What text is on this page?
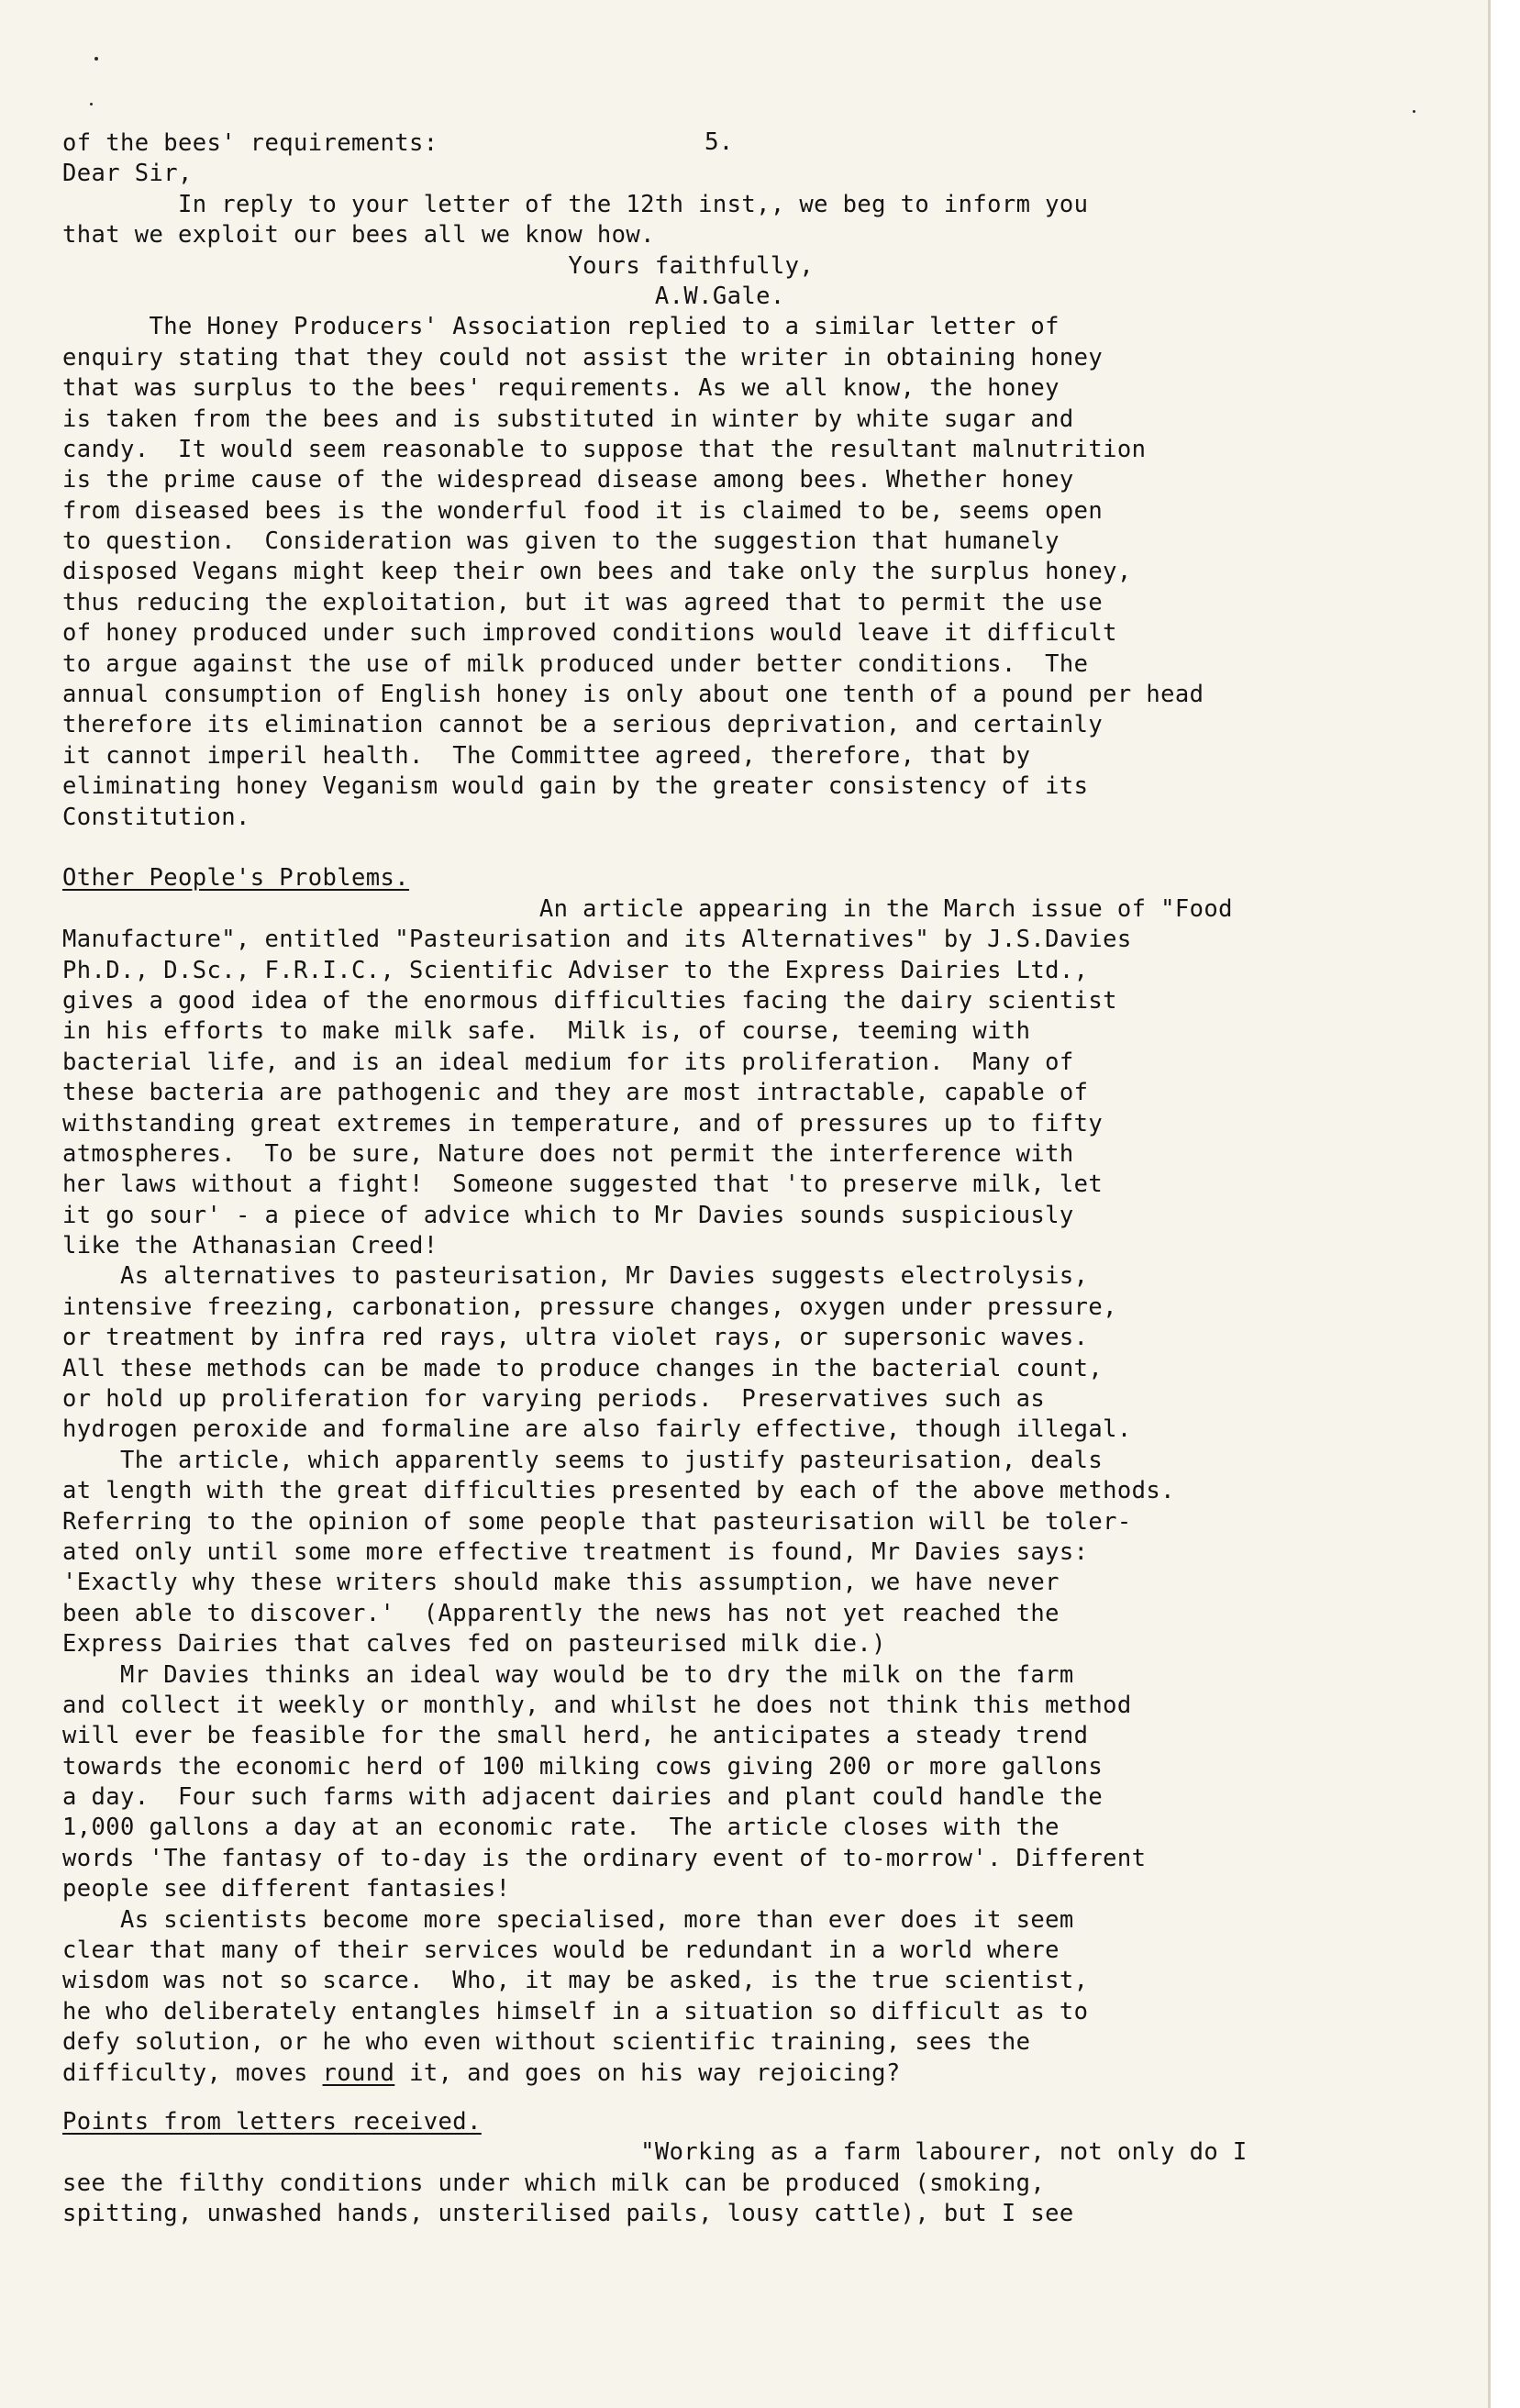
5.
of the bees' requirements:
Dear Sir,
In reply to your letter of the 12th inst,, we beg to inform you
that we exploit our bees all we know how.
Yours faithfully,
A.W.Gale.
The Honey Producers' Association replied to a similar letter of
enquiry stating that they could not assist the writer in obtaining honey
that was surplus to the bees' requirements. As we all know, the honey
is taken from the bees and is substituted in winter by white sugar and
candy.  It would seem reasonable to suppose that the resultant malnutrition
is the prime cause of the widespread disease among bees. Whether honey
from diseased bees is the wonderful food it is claimed to be, seems open
to question.  Consideration was given to the suggestion that humanely
disposed Vegans might keep their own bees and take only the surplus honey,
thus reducing the exploitation, but it was agreed that to permit the use
of honey produced under such improved conditions would leave it difficult
to argue against the use of milk produced under better conditions.  The
annual consumption of English honey is only about one tenth of a pound per head
therefore its elimination cannot be a serious deprivation, and certainly
it cannot imperil health.  The Committee agreed, therefore, that by
eliminating honey Veganism would gain by the greater consistency of its
Constitution.
Other People's Problems.
An article appearing in the March issue of "Food
Manufacture", entitled "Pasteurisation and its Alternatives" by J.S.Davies
Ph.D., D.Sc., F.R.I.C., Scientific Adviser to the Express Dairies Ltd.,
gives a good idea of the enormous difficulties facing the dairy scientist
in his efforts to make milk safe.  Milk is, of course, teeming with
bacterial life, and is an ideal medium for its proliferation.  Many of
these bacteria are pathogenic and they are most intractable, capable of
withstanding great extremes in temperature, and of pressures up to fifty
atmospheres.  To be sure, Nature does not permit the interference with
her laws without a fight!  Someone suggested that 'to preserve milk, let
it go sour' - a piece of advice which to Mr Davies sounds suspiciously
like the Athanasian Creed!
As alternatives to pasteurisation, Mr Davies suggests electrolysis,
intensive freezing, carbonation, pressure changes, oxygen under pressure,
or treatment by infra red rays, ultra violet rays, or supersonic waves.
All these methods can be made to produce changes in the bacterial count,
or hold up proliferation for varying periods.  Preservatives such as
hydrogen peroxide and formaline are also fairly effective, though illegal.
The article, which apparently seems to justify pasteurisation, deals
at length with the great difficulties presented by each of the above methods.
Referring to the opinion of some people that pasteurisation will be toler-
ated only until some more effective treatment is found, Mr Davies says:
'Exactly why these writers should make this assumption, we have never
been able to discover.'  (Apparently the news has not yet reached the
Express Dairies that calves fed on pasteurised milk die.)
Mr Davies thinks an ideal way would be to dry the milk on the farm
and collect it weekly or monthly, and whilst he does not think this method
will ever be feasible for the small herd, he anticipates a steady trend
towards the economic herd of 100 milking cows giving 200 or more gallons
a day.  Four such farms with adjacent dairies and plant could handle the
1,000 gallons a day at an economic rate.  The article closes with the
words 'The fantasy of to-day is the ordinary event of to-morrow'. Different
people see different fantasies!
As scientists become more specialised, more than ever does it seem
clear that many of their services would be redundant in a world where
wisdom was not so scarce.  Who, it may be asked, is the true scientist,
he who deliberately entangles himself in a situation so difficult as to
defy solution, or he who even without scientific training, sees the
difficulty, moves round it, and goes on his way rejoicing?
Points from letters received.
"Working as a farm labourer, not only do I
see the filthy conditions under which milk can be produced (smoking,
spitting, unwashed hands, unsterilised pails, lousy cattle), but I see
